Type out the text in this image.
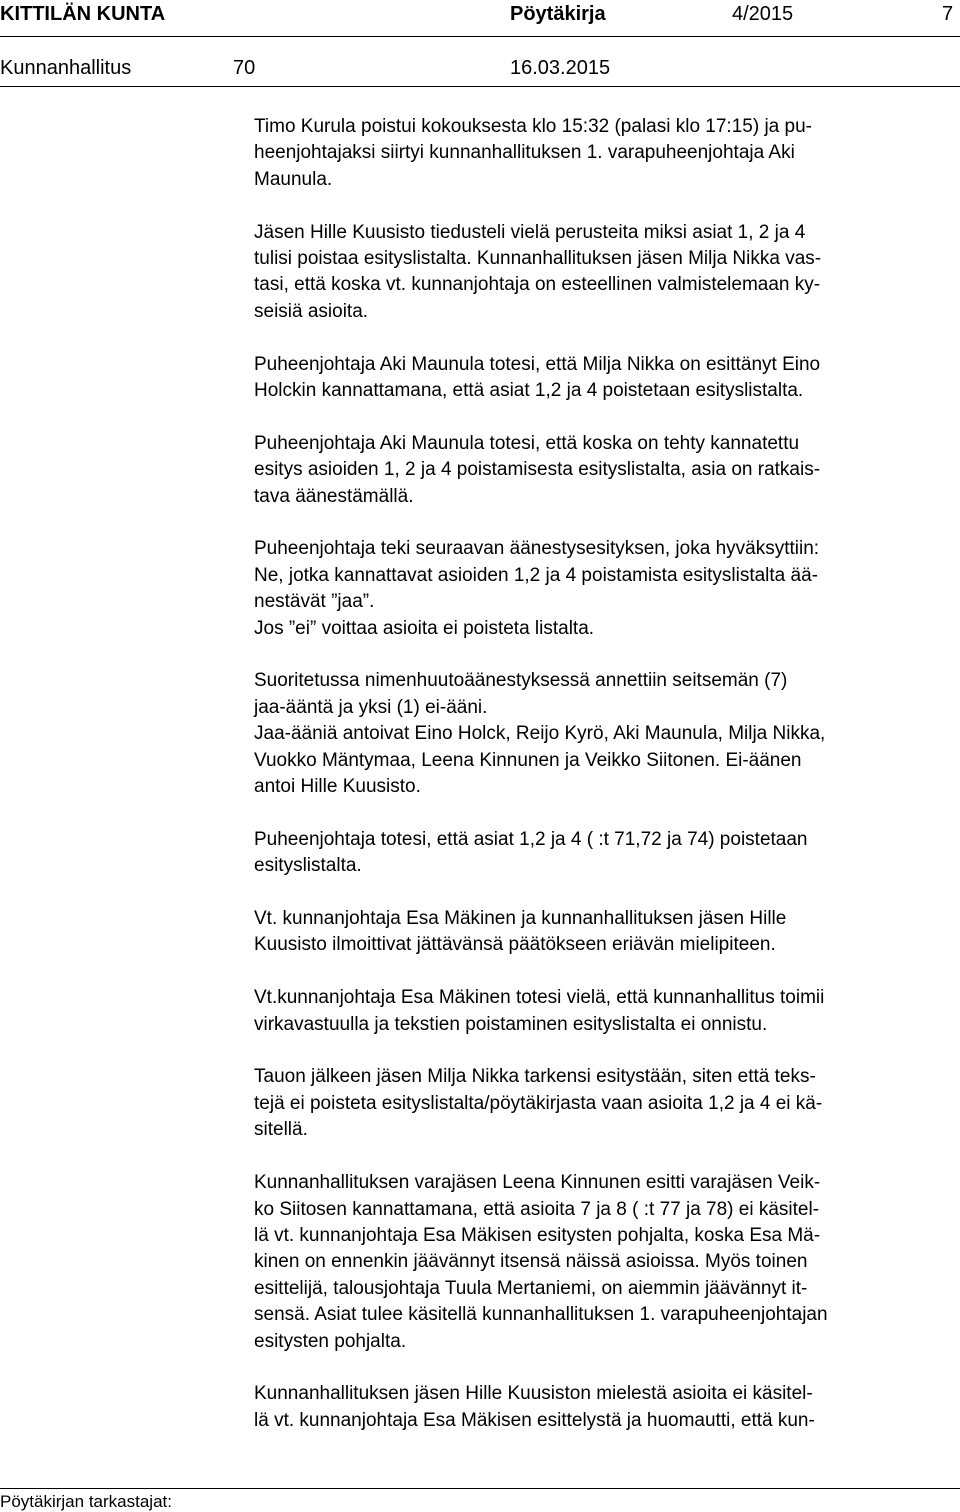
KITTILÄN KUNTA	Pöytäkirja	4/2015	7
Kunnanhallitus	70	16.03.2015

Timo Kurula poistui kokouksesta klo 15:32 (palasi klo 17:15) ja pu-
heenjohtajaksi siirtyi kunnanhallituksen 1. varapuheenjohtaja Aki
Maunula.

Jäsen Hille Kuusisto tiedusteli vielä perusteita miksi asiat 1, 2 ja 4
tulisi poistaa esityslistalta. Kunnanhallituksen jäsen Milja Nikka vas-
tasi, että koska vt. kunnanjohtaja on esteellinen valmistelemaan ky-
seisiä asioita.

Puheenjohtaja Aki Maunula totesi, että Milja Nikka on esittänyt Eino
Holckin kannattamana, että asiat 1,2 ja 4 poistetaan esityslistalta.

Puheenjohtaja Aki Maunula totesi, että koska on tehty kannatettu
esitys asioiden 1, 2 ja 4 poistamisesta esityslistalta, asia on ratkais-
tava äänestämällä.

Puheenjohtaja teki seuraavan äänestysesityksen, joka hyväksyttiin:
Ne, jotka kannattavat asioiden 1,2 ja 4 poistamista esityslistalta ää-
nestävät ”jaa”.
Jos ”ei” voittaa asioita ei poisteta listalta.

Suoritetussa nimenhuutoäänestyksessä annettiin seitsemän (7)
jaa-ääntä ja yksi (1) ei-ääni.
Jaa-ääniä antoivat Eino Holck, Reijo Kyrö, Aki Maunula, Milja Nikka,
Vuokko Mäntymaa, Leena Kinnunen ja Veikko Siitonen. Ei-äänen
antoi Hille Kuusisto.

Puheenjohtaja totesi, että asiat 1,2 ja 4 ( :t 71,72 ja 74) poistetaan
esityslistalta.

Vt. kunnanjohtaja Esa Mäkinen ja kunnanhallituksen jäsen Hille
Kuusisto ilmoittivat jättävänsä päätökseen eriävän mielipiteen.

Vt.kunnanjohtaja Esa Mäkinen totesi vielä, että kunnanhallitus toimii
virkavastuulla ja tekstien poistaminen esityslistalta ei onnistu.

Tauon jälkeen jäsen Milja Nikka tarkensi esitystään, siten että teks-
tejä ei poisteta esityslistalta/pöytäkirjasta vaan asioita 1,2 ja 4 ei kä-
sitellä.

Kunnanhallituksen varajäsen Leena Kinnunen esitti varajäsen Veik-
ko Siitosen kannattamana, että asioita 7 ja 8 ( :t 77 ja 78) ei käsitel-
lä vt. kunnanjohtaja Esa Mäkisen esitysten pohjalta, koska Esa Mä-
kinen on ennenkin jäävännyt itsensä näissä asioissa. Myös toinen
esittelijä, talousjohtaja Tuula Mertaniemi, on aiemmin jäävännyt it-
sensä. Asiat tulee käsitellä kunnanhallituksen 1. varapuheenjohtajan
esitysten pohjalta.

Kunnanhallituksen jäsen Hille Kuusiston mielestä asioita ei käsitel-
lä vt. kunnanjohtaja Esa Mäkisen esittelystä ja huomautti, että kun-

Pöytäkirjan tarkastajat:
